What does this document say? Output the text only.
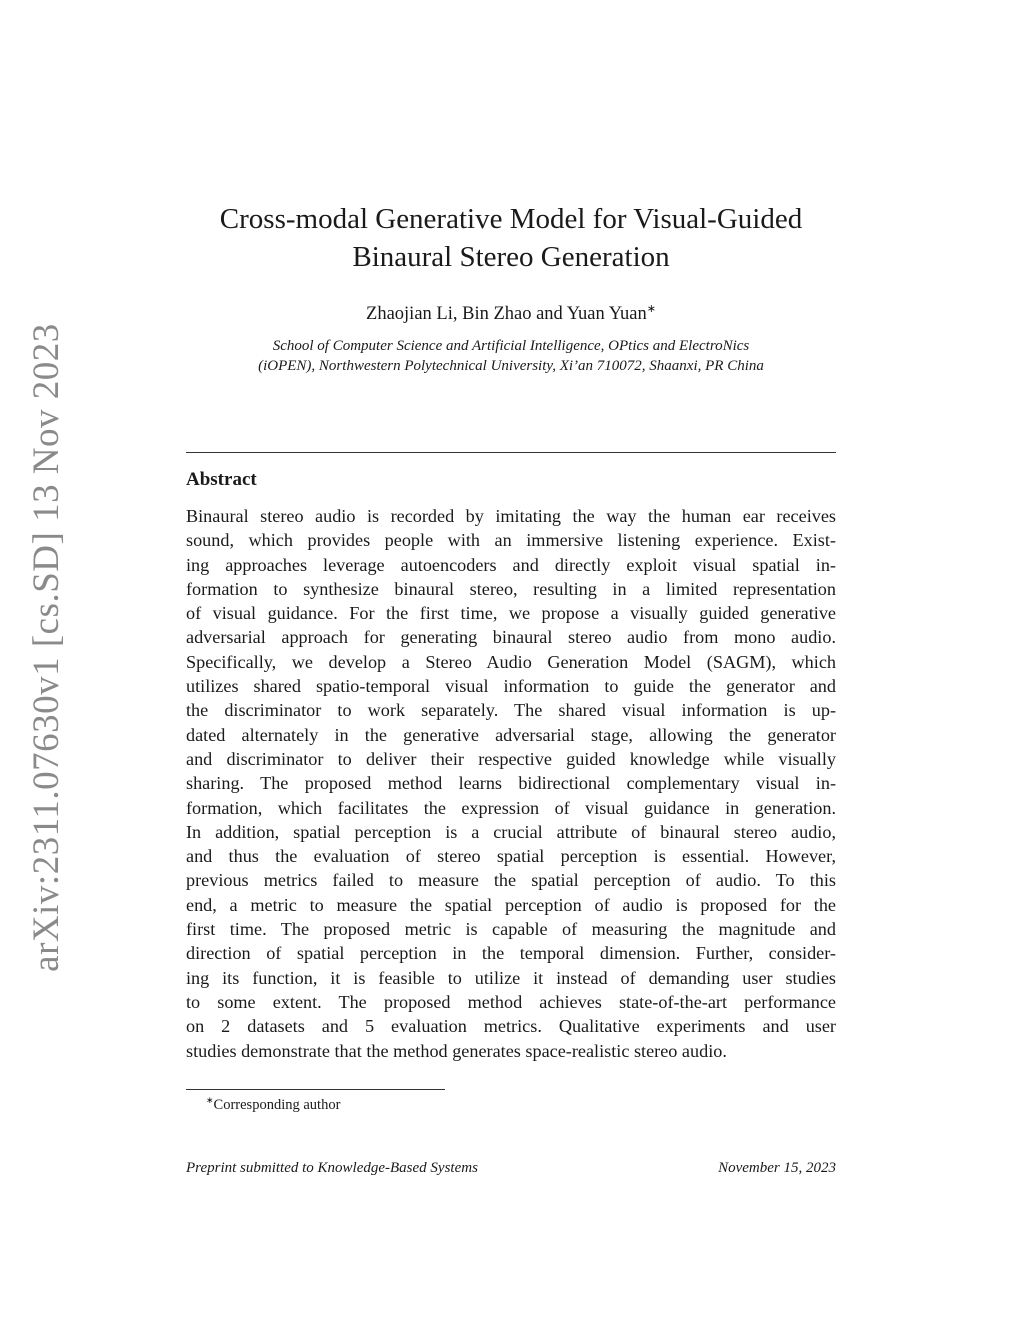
arXiv:2311.07630v1 [cs.SD] 13 Nov 2023
Cross-modal Generative Model for Visual-Guided
Binaural Stereo Generation
Zhaojian Li, Bin Zhao and Yuan Yuan∗
School of Computer Science and Artificial Intelligence, OPtics and ElectroNics
(iOPEN), Northwestern Polytechnical University, Xi’an 710072, Shaanxi, PR China
Abstract
Binaural stereo audio is recorded by imitating the way the human ear receives
sound, which provides people with an immersive listening experience. Exist-
ing approaches leverage autoencoders and directly exploit visual spatial in-
formation to synthesize binaural stereo, resulting in a limited representation
of visual guidance. For the first time, we propose a visually guided generative
adversarial approach for generating binaural stereo audio from mono audio.
Specifically, we develop a Stereo Audio Generation Model (SAGM), which
utilizes shared spatio-temporal visual information to guide the generator and
the discriminator to work separately. The shared visual information is up-
dated alternately in the generative adversarial stage, allowing the generator
and discriminator to deliver their respective guided knowledge while visually
sharing. The proposed method learns bidirectional complementary visual in-
formation, which facilitates the expression of visual guidance in generation.
In addition, spatial perception is a crucial attribute of binaural stereo audio,
and thus the evaluation of stereo spatial perception is essential. However,
previous metrics failed to measure the spatial perception of audio. To this
end, a metric to measure the spatial perception of audio is proposed for the
first time. The proposed metric is capable of measuring the magnitude and
direction of spatial perception in the temporal dimension. Further, consider-
ing its function, it is feasible to utilize it instead of demanding user studies
to some extent. The proposed method achieves state-of-the-art performance
on 2 datasets and 5 evaluation metrics. Qualitative experiments and user
studies demonstrate that the method generates space-realistic stereo audio.
∗Corresponding author
Preprint submitted to Knowledge-Based Systems	November 15, 2023
